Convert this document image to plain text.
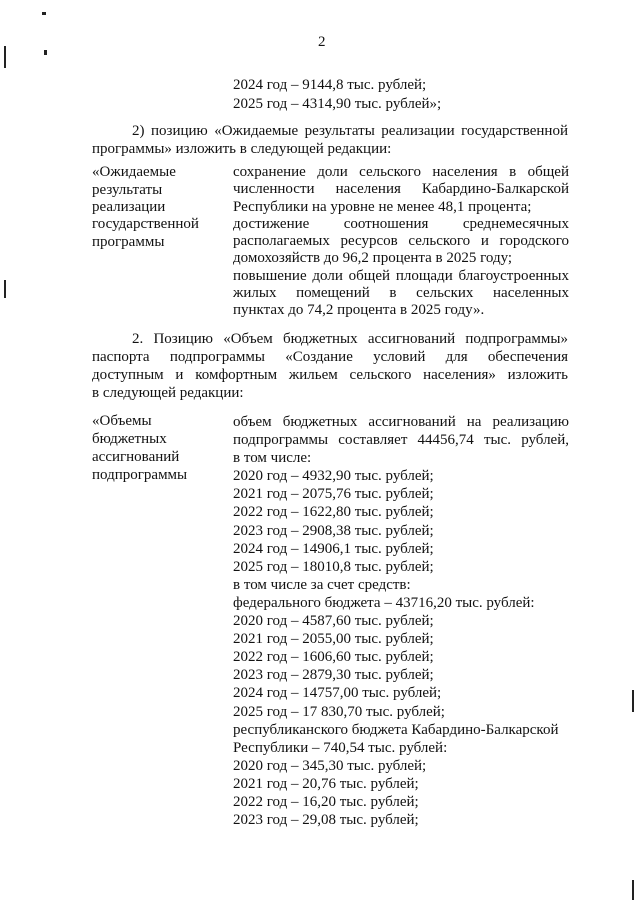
2
2024 год – 9144,8 тыс. рублей;
2025 год – 4314,90 тыс. рублей»;
2) позицию «Ожидаемые результаты реализации государственной
программы» изложить в следующей редакции:
«Ожидаемые
результаты
реализации
государственной
программы
сохранение доли сельского населения в общей
численности населения Кабардино-Балкарской
Республики на уровне не менее 48,1 процента;
достижение соотношения среднемесячных
располагаемых ресурсов сельского и городского
домохозяйств до 96,2 процента в 2025 году;
повышение доли общей площади благоустроенных
жилых помещений в сельских населенных
пунктах до 74,2 процента в 2025 году».
2. Позицию «Объем бюджетных ассигнований подпрограммы»
паспорта подпрограммы «Создание условий для обеспечения
доступным и комфортным жильем сельского населения» изложить
в следующей редакции:
«Объемы
бюджетных
ассигнований
подпрограммы
объем бюджетных ассигнований на реализацию
подпрограммы составляет 44456,74 тыс. рублей,
в том числе:
2020 год – 4932,90 тыс. рублей;
2021 год – 2075,76 тыс. рублей;
2022 год – 1622,80 тыс. рублей;
2023 год – 2908,38 тыс. рублей;
2024 год – 14906,1 тыс. рублей;
2025 год – 18010,8 тыс. рублей;
в том числе за счет средств:
федерального бюджета – 43716,20 тыс. рублей:
2020 год – 4587,60 тыс. рублей;
2021 год – 2055,00 тыс. рублей;
2022 год – 1606,60 тыс. рублей;
2023 год – 2879,30 тыс. рублей;
2024 год – 14757,00 тыс. рублей;
2025 год – 17 830,70 тыс. рублей;
республиканского бюджета Кабардино-Балкарской
Республики – 740,54 тыс. рублей:
2020 год – 345,30 тыс. рублей;
2021 год – 20,76 тыс. рублей;
2022 год – 16,20 тыс. рублей;
2023 год – 29,08 тыс. рублей;
